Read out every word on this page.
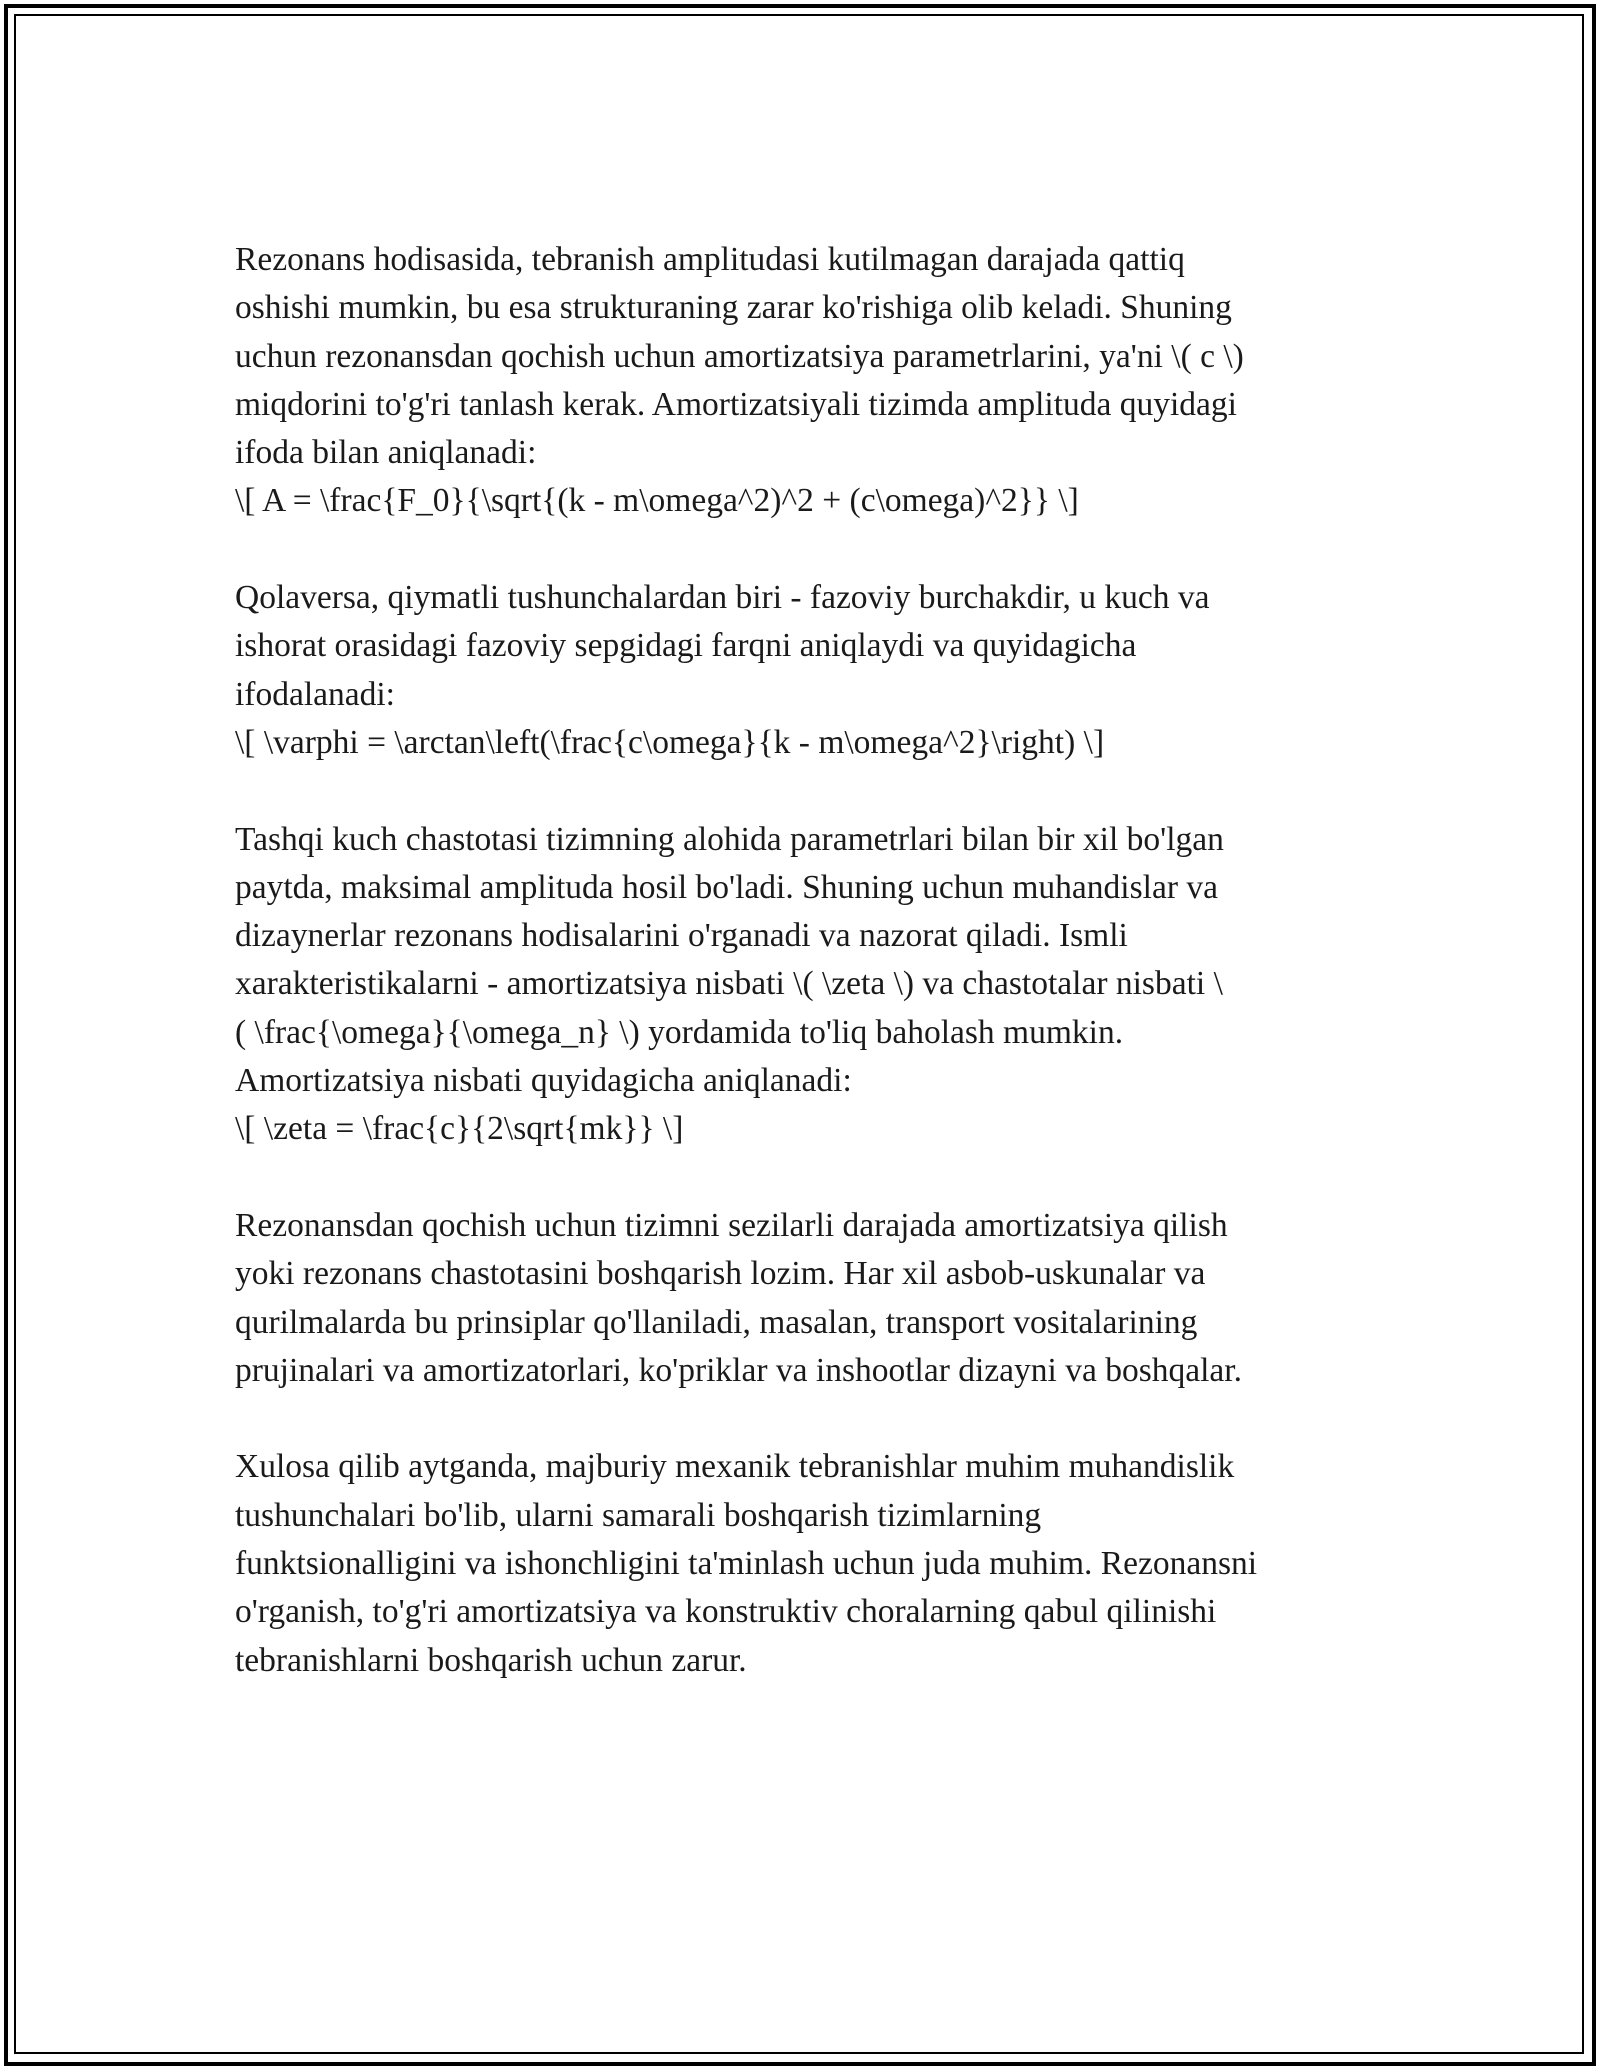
Rezonans hodisasida, tebranish amplitudasi kutilmagan darajada qattiq
oshishi mumkin, bu esa strukturaning zarar ko'rishiga olib keladi. Shuning
uchun rezonansdan qochish uchun amortizatsiya parametrlarini, ya'ni \( c \)
miqdorini to'g'ri tanlash kerak. Amortizatsiyali tizimda amplituda quyidagi
ifoda bilan aniqlanadi:
\[ A = \frac{F_0}{\sqrt{(k - m\omega^2)^2 + (c\omega)^2}} \]

Qolaversa, qiymatli tushunchalardan biri - fazoviy burchakdir, u kuch va
ishorat orasidagi fazoviy sepgidagi farqni aniqlaydi va quyidagicha
ifodalanadi:
\[ \varphi = \arctan\left(\frac{c\omega}{k - m\omega^2}\right) \]

Tashqi kuch chastotasi tizimning alohida parametrlari bilan bir xil bo'lgan
paytda, maksimal amplituda hosil bo'ladi. Shuning uchun muhandislar va
dizaynerlar rezonans hodisalarini o'rganadi va nazorat qiladi. Ismli
xarakteristikalarni - amortizatsiya nisbati \( \zeta \) va chastotalar nisbati \
( \frac{\omega}{\omega_n} \) yordamida to'liq baholash mumkin.
Amortizatsiya nisbati quyidagicha aniqlanadi:
\[ \zeta = \frac{c}{2\sqrt{mk}} \]

Rezonansdan qochish uchun tizimni sezilarli darajada amortizatsiya qilish
yoki rezonans chastotasini boshqarish lozim. Har xil asbob-uskunalar va
qurilmalarda bu prinsiplar qo'llaniladi, masalan, transport vositalarining
prujinalari va amortizatorlari, ko'priklar va inshootlar dizayni va boshqalar.

Xulosa qilib aytganda, majburiy mexanik tebranishlar muhim muhandislik
tushunchalari bo'lib, ularni samarali boshqarish tizimlarning
funktsionalligini va ishonchligini ta'minlash uchun juda muhim. Rezonansni
o'rganish, to'g'ri amortizatsiya va konstruktiv choralarning qabul qilinishi
tebranishlarni boshqarish uchun zarur.
